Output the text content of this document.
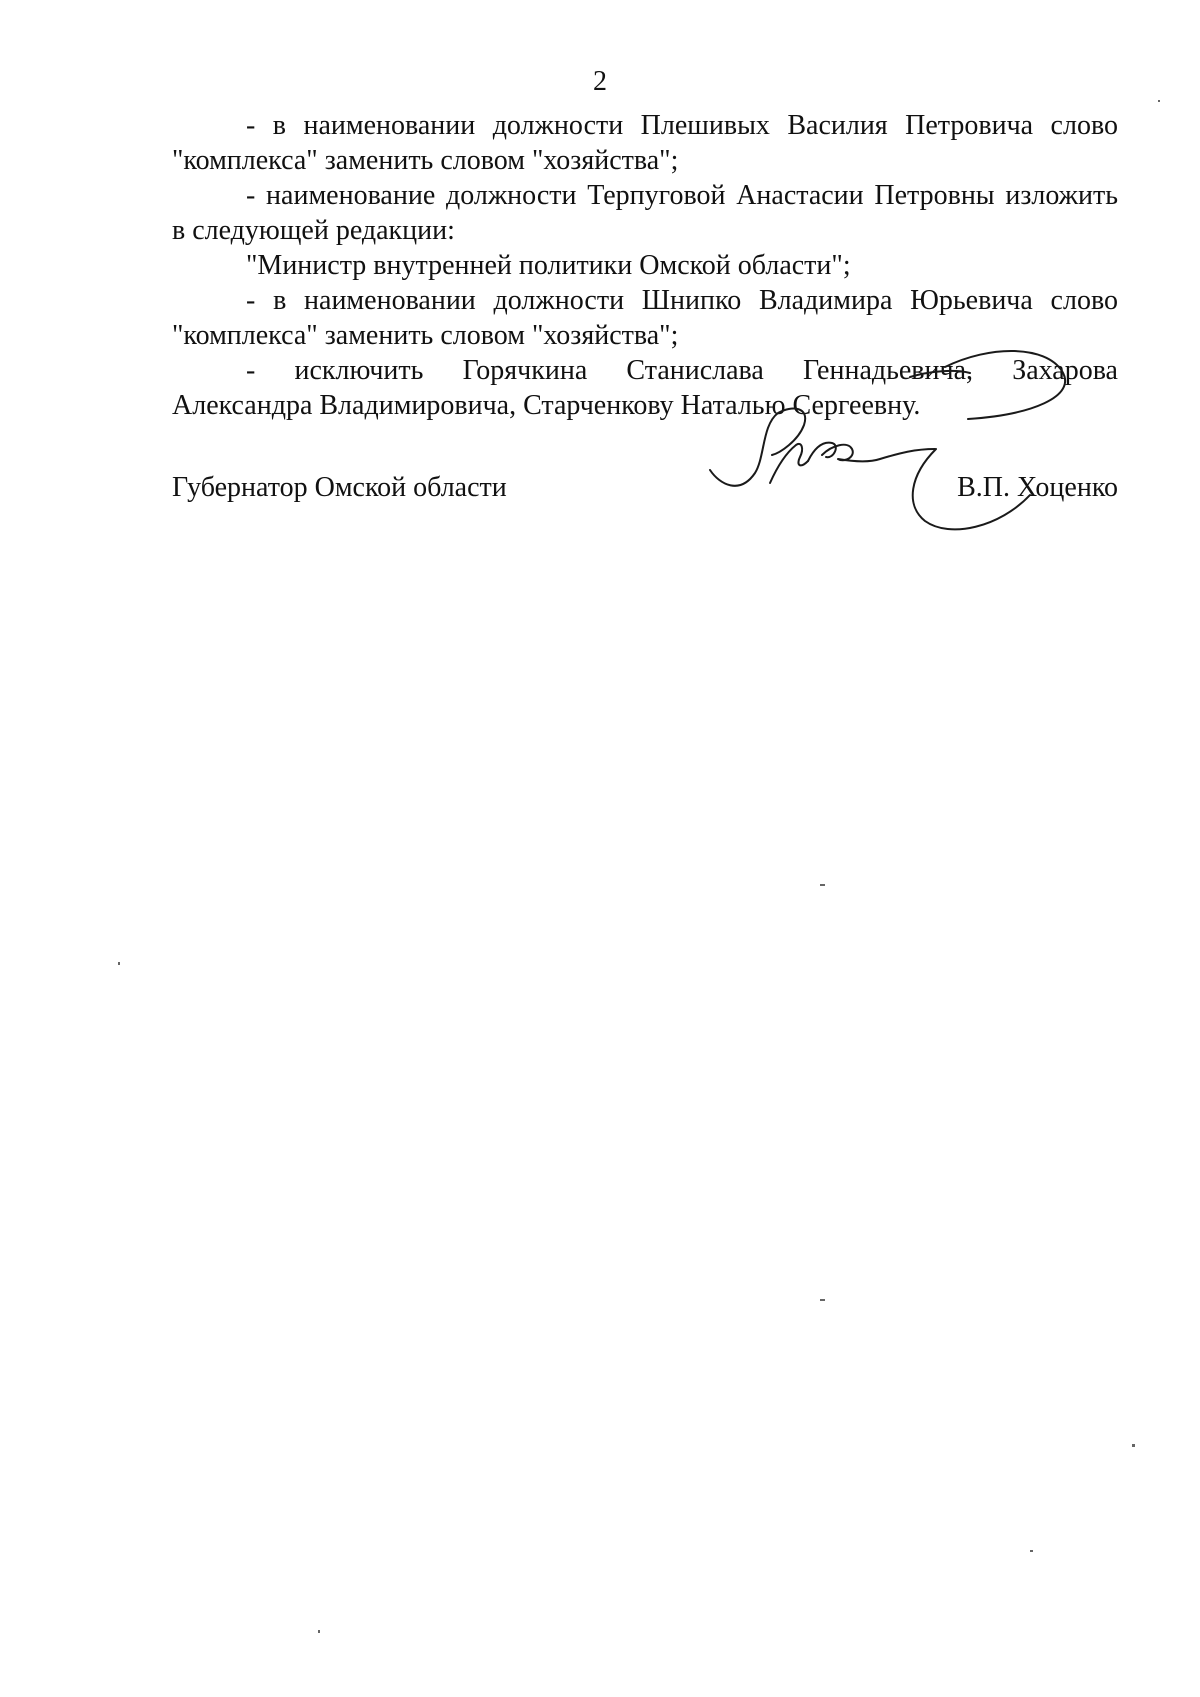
2
- в наименовании должности Плешивых Василия Петровича слово
"комплекса" заменить словом "хозяйства";
- наименование должности Терпуговой Анастасии Петровны изложить
в следующей редакции:
"Министр внутренней политики Омской области";
- в наименовании должности Шнипко Владимира Юрьевича слово
"комплекса" заменить словом "хозяйства";
- исключить Горячкина Станислава Геннадьевича, Захарова
Александра Владимировича, Старченкову Наталью Сергеевну.
Губернатор Омской области	В.П. Хоценко
